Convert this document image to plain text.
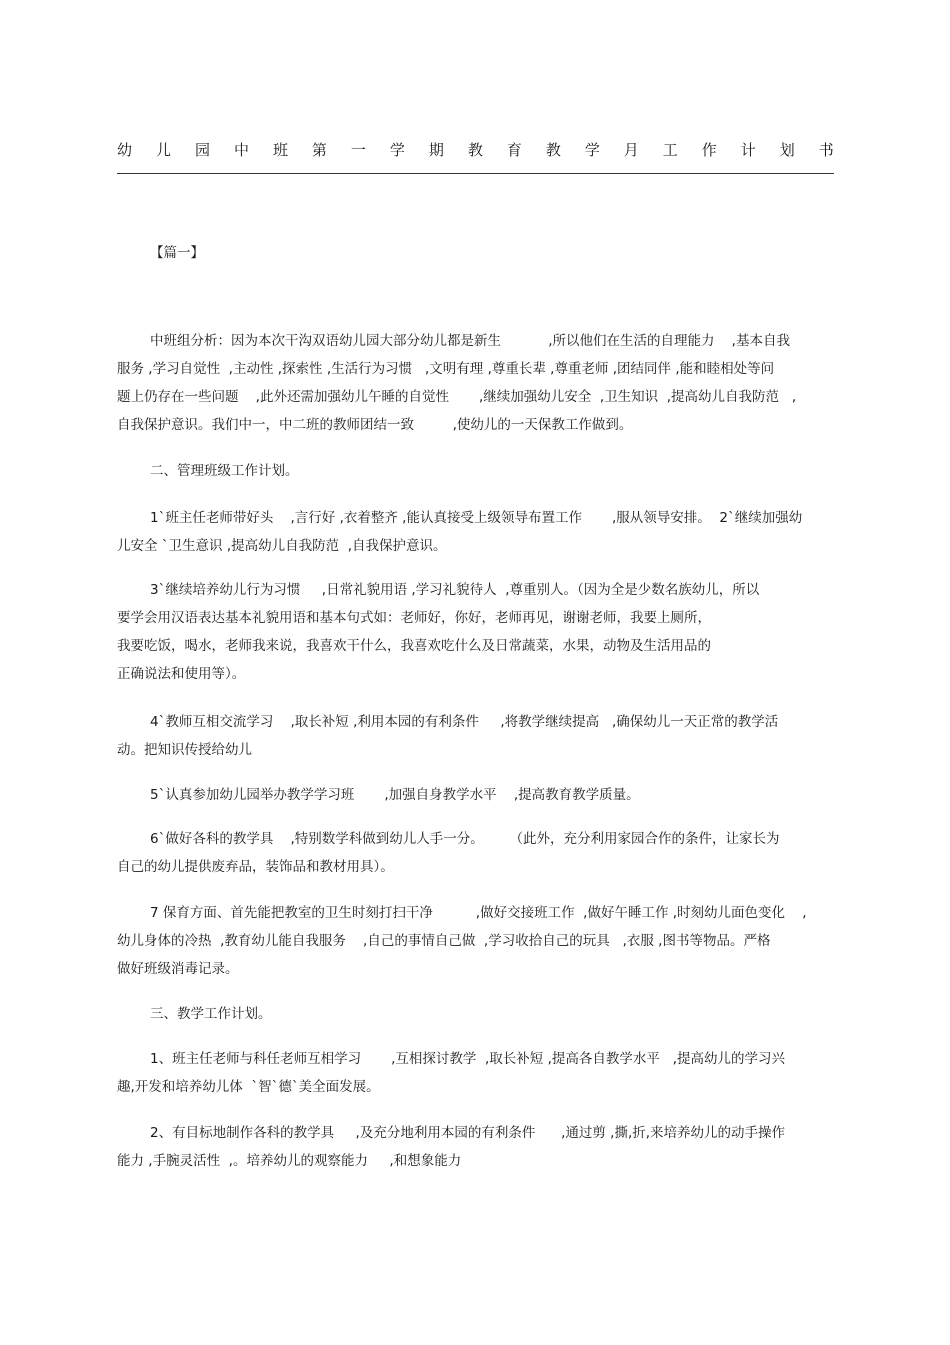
幼 儿 园 中 班 第 一 学 期 教 育 教 学 月 工 作 计 划 书

【篇一】

中班组分析：因为本次干沟双语幼儿园大部分幼儿都是新生           ,所以他们在生活的自理能力    ,基本自我
服务 ,学习自觉性  ,主动性 ,探索性 ,生活行为习惯   ,文明有理 ,尊重长辈 ,尊重老师 ,团结同伴 ,能和睦相处等问
题上仍存在一些问题    ,此外还需加强幼儿午睡的自觉性       ,继续加强幼儿安全  ,卫生知识  ,提高幼儿自我防范   ,
自我保护意识。我们中一，中二班的教师团结一致         ,使幼儿的一天保教工作做到。
二、管理班级工作计划。
1`班主任老师带好头    ,言行好 ,衣着整齐 ,能认真接受上级领导布置工作       ,服从领导安排。  2`继续加强幼
儿安全 `卫生意识 ,提高幼儿自我防范  ,自我保护意识。
3`继续培养幼儿行为习惯     ,日常礼貌用语 ,学习礼貌待人  ,尊重别人。（因为全是少数名族幼儿，所以
要学会用汉语表达基本礼貌用语和基本句式如：老师好，你好，老师再见，谢谢老师，我要上厕所，
我要吃饭，喝水，老师我来说，我喜欢干什么，我喜欢吃什么及日常蔬菜，水果，动物及生活用品的
正确说法和使用等）。
4`教师互相交流学习    ,取长补短 ,利用本园的有利条件     ,将教学继续提高   ,确保幼儿一天正常的教学活
动。把知识传授给幼儿
5`认真参加幼儿园举办教学学习班       ,加强自身教学水平    ,提高教育教学质量。
6`做好各科的教学具    ,特别数学科做到幼儿人手一分。      （此外，充分利用家园合作的条件，让家长为
自己的幼儿提供废弃品，装饰品和教材用具）。
7 保育方面、首先能把教室的卫生时刻打扫干净          ,做好交接班工作  ,做好午睡工作 ,时刻幼儿面色变化    ,
幼儿身体的冷热  ,教育幼儿能自我服务    ,自己的事情自己做  ,学习收拾自己的玩具   ,衣服 ,图书等物品。严格
做好班级消毒记录。
三、教学工作计划。
1、班主任老师与科任老师互相学习       ,互相探讨教学  ,取长补短 ,提高各自教学水平   ,提高幼儿的学习兴
趣,开发和培养幼儿体  `智`德`美全面发展。
2、有目标地制作各科的教学具     ,及充分地利用本园的有利条件      ,通过剪 ,撕,折,来培养幼儿的动手操作
能力 ,手腕灵活性  ,。培养幼儿的观察能力     ,和想象能力
